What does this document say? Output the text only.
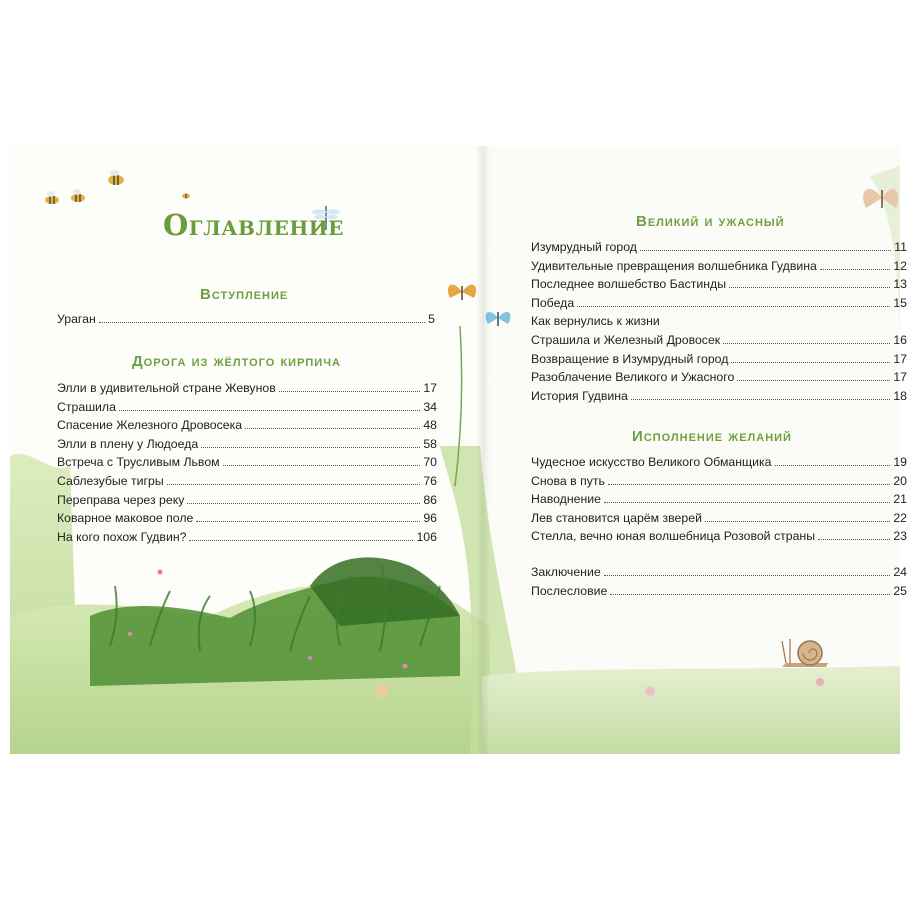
Оглавление
Вступление
Ураган	5
Дорога из жёлтого кирпича
Элли в удивительной стране Жевунов	17
Страшила	34
Спасение Железного Дровосека	48
Элли в плену у Людоеда	58
Встреча с Трусливым Львом	70
Саблезубые тигры	76
Переправа через реку	86
Коварное маковое поле	96
На кого похож Гудвин?	106
Великий и ужасный
Изумрудный город	11
Удивительные превращения волшебника Гудвина	12
Последнее волшебство Бастинды	13
Победа	15
Как вернулись к жизни
Страшила и Железный Дровосек	16
Возвращение в Изумрудный город	17
Разоблачение Великого и Ужасного	17
История Гудвина	18
Исполнение желаний
Чудесное искусство Великого Обманщика	19
Снова в путь	20
Наводнение	21
Лев становится царём зверей	22
Стелла, вечно юная волшебница Розовой страны	23
Заключение	24
Послесловие	25
